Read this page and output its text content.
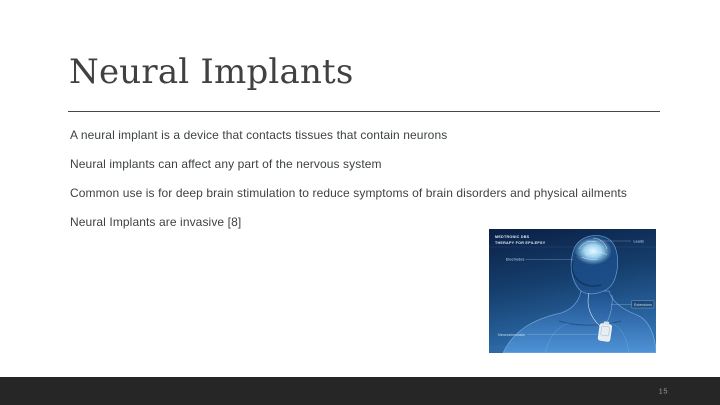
Neural Implants

A neural implant is a device that contacts tissues that contain neurons

Neural implants can affect any part of the nervous system

Common use is for deep brain stimulation to reduce symptoms of brain disorders and physical ailments

Neural Implants are invasive [8]

MEDTRONIC DBS
THERAPY FOR EPILEPSY
Electrodes
Leads
Extensions
Neurostimulator
15
